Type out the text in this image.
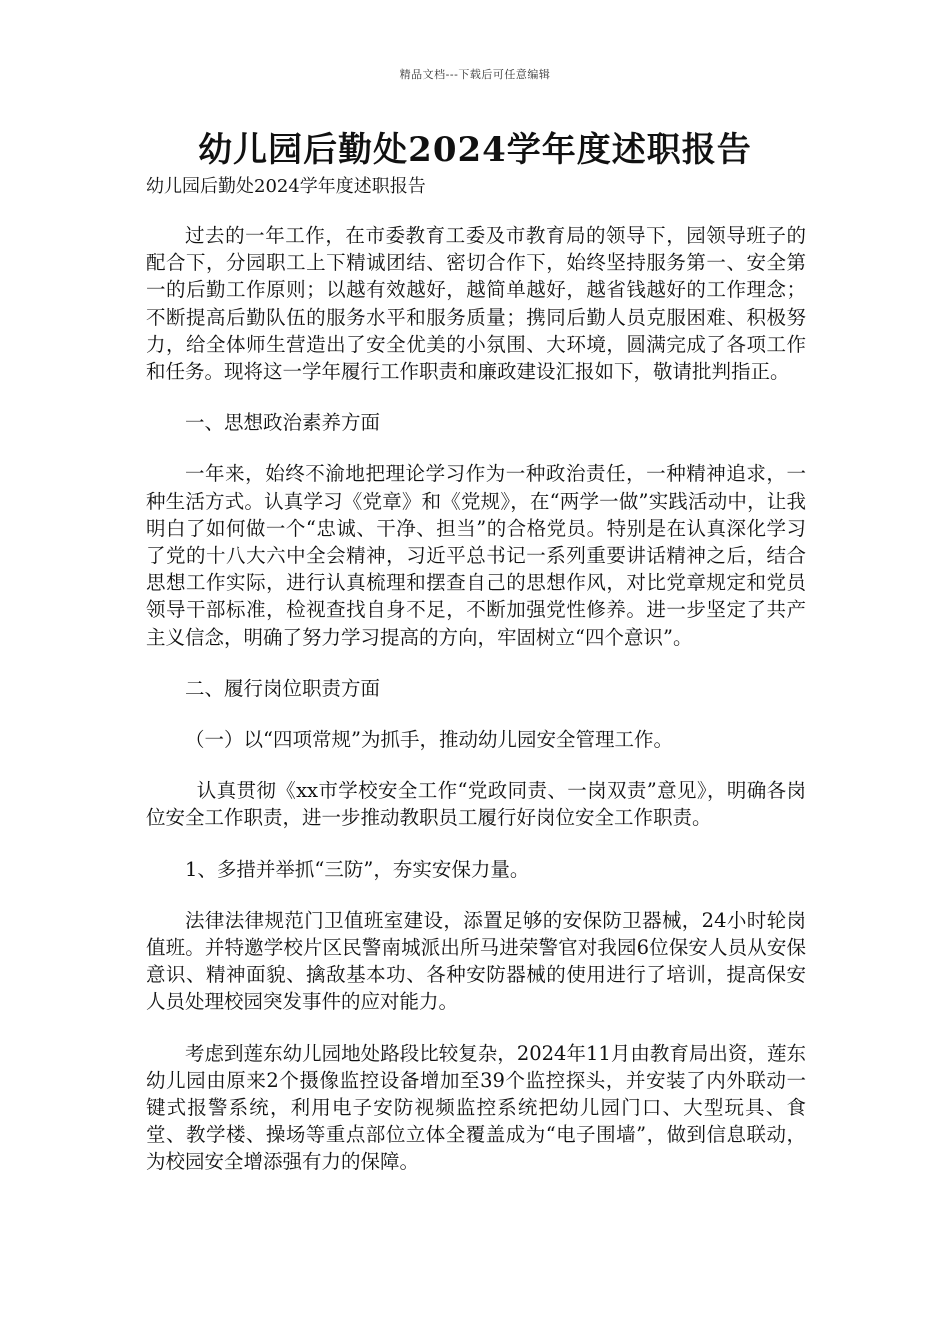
精品文档---下载后可任意编辑
幼儿园后勤处2024学年度述职报告
幼儿园后勤处2024学年度述职报告

过去的一年工作，在市委教育工委及市教育局的领导下，园领导班子的配合下，分园职工上下精诚团结、密切合作下，始终坚持服务第一、安全第一的后勤工作原则；以越有效越好，越简单越好，越省钱越好的工作理念；不断提高后勤队伍的服务水平和服务质量；携同后勤人员克服困难、积极努力，给全体师生营造出了安全优美的小氛围、大环境，圆满完成了各项工作和任务。现将这一学年履行工作职责和廉政建设汇报如下，敬请批判指正。

一、思想政治素养方面

一年来，始终不渝地把理论学习作为一种政治责任，一种精神追求，一种生活方式。认真学习《党章》和《党规》，在“两学一做”实践活动中，让我明白了如何做一个“忠诚、干净、担当”的合格党员。特别是在认真深化学习了党的十八大六中全会精神，习近平总书记一系列重要讲话精神之后，结合思想工作实际，进行认真梳理和摆查自己的思想作风，对比党章规定和党员领导干部标准，检视查找自身不足，不断加强党性修养。进一步坚定了共产主义信念，明确了努力学习提高的方向，牢固树立“四个意识”。

二、履行岗位职责方面

（一）以“四项常规”为抓手，推动幼儿园安全管理工作。

认真贯彻《xx市学校安全工作“党政同责、一岗双责”意见》，明确各岗位安全工作职责，进一步推动教职员工履行好岗位安全工作职责。

1、多措并举抓“三防”，夯实安保力量。

法律法律规范门卫值班室建设，添置足够的安保防卫器械，24小时轮岗值班。并特邀学校片区民警南城派出所马进荣警官对我园6位保安人员从安保意识、精神面貌、擒敌基本功、各种安防器械的使用进行了培训，提高保安人员处理校园突发事件的应对能力。

考虑到莲东幼儿园地处路段比较复杂，2024年11月由教育局出资，莲东幼儿园由原来2个摄像监控设备增加至39个监控探头，并安装了内外联动一键式报警系统，利用电子安防视频监控系统把幼儿园门口、大型玩具、食堂、教学楼、操场等重点部位立体全覆盖成为“电子围墙”，做到信息联动，为校园安全增添强有力的保障。
